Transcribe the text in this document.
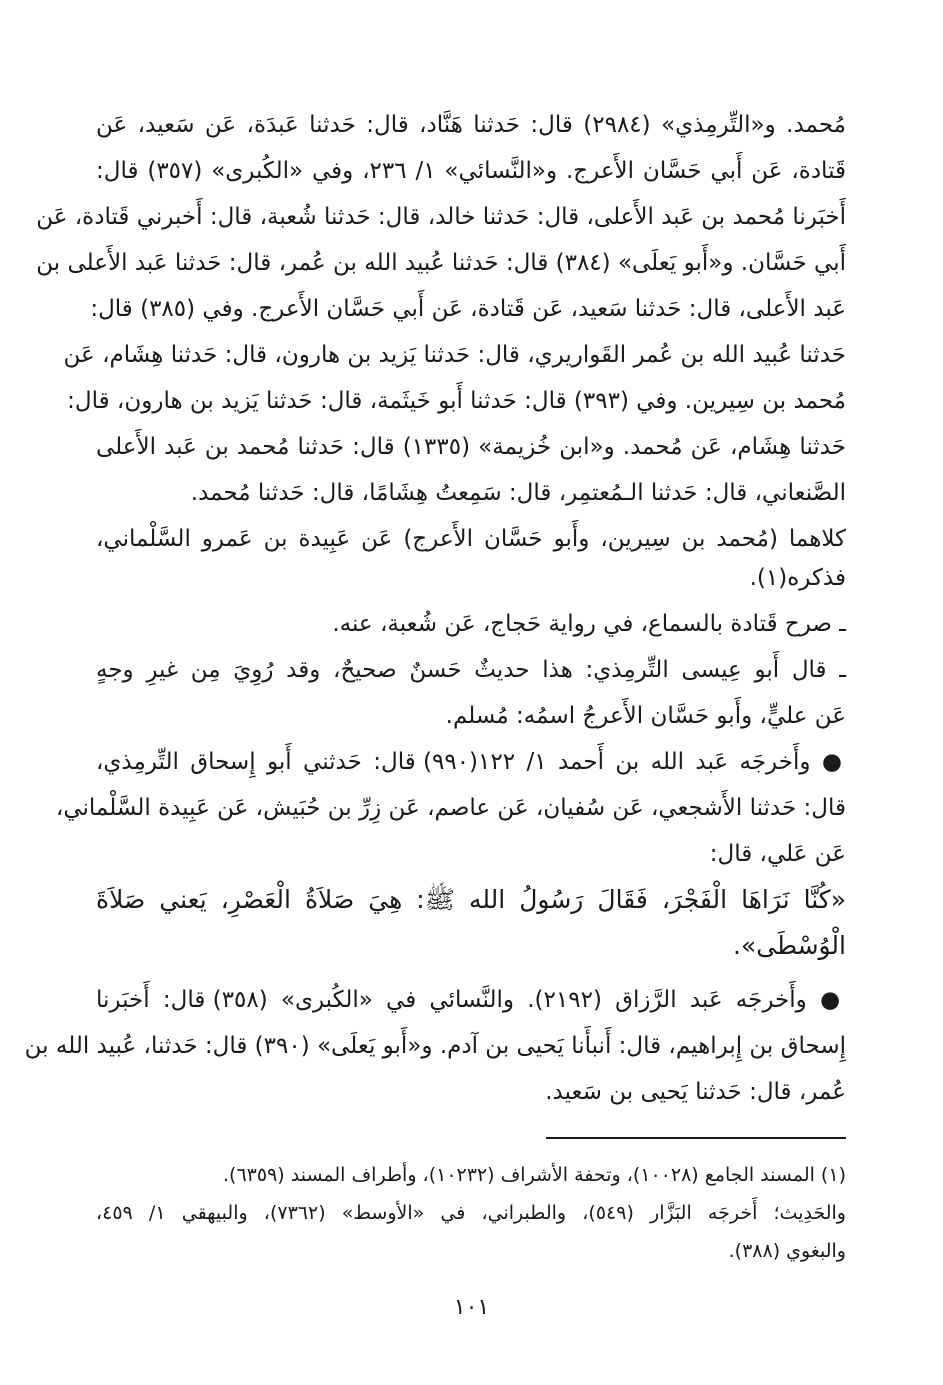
مُحمد. و«التِّرمِذي» (٢٩٨٤) قال: حَدثنا هَنَّاد، قال: حَدثنا عَبدَة، عَن سَعيد، عَن
قَتادة، عَن أَبي حَسَّان الأَعرج. و«النَّسائي» ١/ ٢٣٦، وفي «الكُبرى» (٣٥٧) قال:
أَخبَرنا مُحمد بن عَبد الأَعلى، قال: حَدثنا خالد، قال: حَدثنا شُعبة، قال: أَخبرني قَتادة، عَن
أَبي حَسَّان. و«أَبو يَعلَى» (٣٨٤) قال: حَدثنا عُبيد الله بن عُمر، قال: حَدثنا عَبد الأَعلى بن
عَبد الأَعلى، قال: حَدثنا سَعيد، عَن قَتادة، عَن أَبي حَسَّان الأَعرج. وفي (٣٨٥) قال:
حَدثنا عُبيد الله بن عُمر القَواريري، قال: حَدثنا يَزيد بن هارون، قال: حَدثنا هِشَام، عَن
مُحمد بن سِيرين. وفي (٣٩٣) قال: حَدثنا أَبو خَيثَمة، قال: حَدثنا يَزيد بن هارون، قال:
حَدثنا هِشَام، عَن مُحمد. و«ابن خُزيمة» (١٣٣٥) قال: حَدثنا مُحمد بن عَبد الأَعلى
الصَّنعاني، قال: حَدثنا الـمُعتمِر، قال: سَمِعتُ هِشَامًا، قال: حَدثنا مُحمد.
كلاهما (مُحمد بن سِيرين، وأَبو حَسَّان الأَعرج) عَن عَبِيدة بن عَمرو السَّلْماني،
فذكره(١).
ـ صرح قَتادة بالسماع، في رواية حَجاج، عَن شُعبة، عنه.
ـ قال أَبو عِيسى التِّرمِذي: هذا حديثٌ حَسنٌ صحيحٌ، وقد رُوِيَ مِن غيرِ وجهٍ
عَن عليٍّ، وأَبو حَسَّان الأَعرجُ اسمُه: مُسلم.
● وأَخرجَه عَبد الله بن أَحمد ١/ ١٢٢(٩٩٠) قال: حَدثني أَبو إِسحاق التِّرمِذي،
قال: حَدثنا الأَشجعي، عَن سُفيان، عَن عاصم، عَن زِرِّ بن حُبَيش، عَن عَبِيدة السَّلْماني،
عَن عَلي، قال:
«كُنَّا نَرَاهَا الْفَجْرَ، فَقَالَ رَسُولُ الله ﷺ: هِيَ صَلاَةُ الْعَصْرِ، يَعني صَلاَةَ
الْوُسْطَى».
● وأَخرجَه عَبد الرَّزاق (٢١٩٢). والنَّسائي في «الكُبرى» (٣٥٨) قال: أَخبَرنا
إِسحاق بن إِبراهيم، قال: أَنبأَنا يَحيى بن آدم. و«أَبو يَعلَى» (٣٩٠) قال: حَدثنا، عُبيد الله بن
عُمر، قال: حَدثنا يَحيى بن سَعيد.
(١) المسند الجامع (١٠٠٢٨)، وتحفة الأشراف (١٠٢٣٢)، وأطراف المسند (٦٣٥٩).
والحَدِيث؛ أَخرجَه البَزَّار (٥٤٩)، والطبراني، في «الأوسط» (٧٣٦٢)، والبيهقي ١/ ٤٥٩،
والبغوي (٣٨٨).
١٠١
